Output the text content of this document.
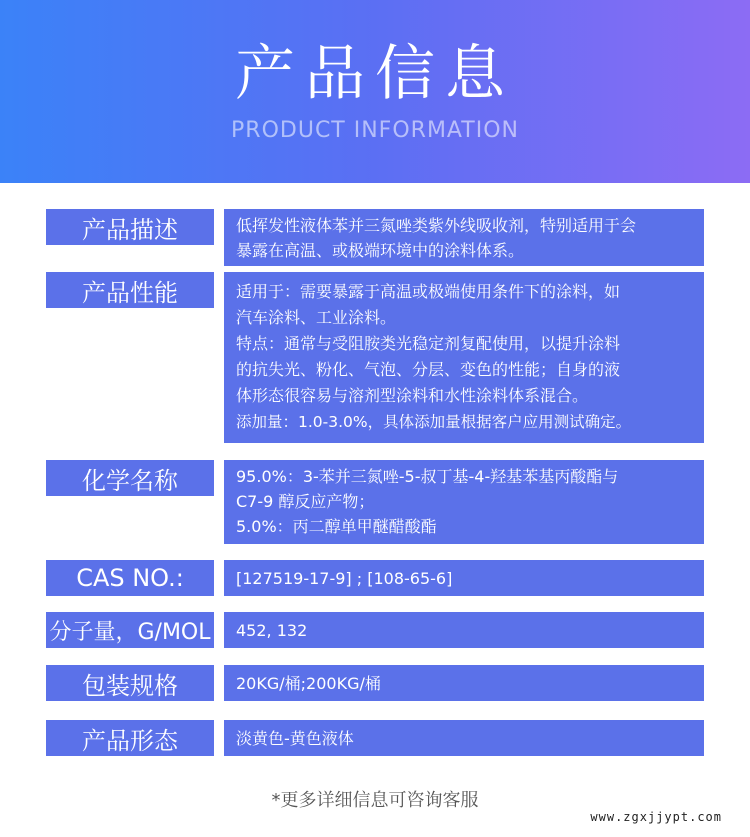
产品信息
PRODUCT INFORMATION
产品描述	低挥发性液体苯并三氮唑类紫外线吸收剂，特别适用于会
暴露在高温、或极端环境中的涂料体系。
产品性能	适用于：需要暴露于高温或极端使用条件下的涂料，如
汽车涂料、工业涂料。
特点：通常与受阻胺类光稳定剂复配使用，以提升涂料
的抗失光、粉化、气泡、分层、变色的性能；自身的液
体形态很容易与溶剂型涂料和水性涂料体系混合。
添加量：1.0-3.0%，具体添加量根据客户应用测试确定。
化学名称	95.0%：3-苯并三氮唑-5-叔丁基-4-羟基苯基丙酸酯与
C7-9 醇反应产物；
5.0%：丙二醇单甲醚醋酸酯
CAS NO.:	[127519-17-9] ; [108-65-6]
分子量，G/MOL 452, 132
包装规格	20KG/桶;200KG/桶
产品形态	淡黄色-黄色液体
*更多详细信息可咨询客服
www.zgxjjypt.com
